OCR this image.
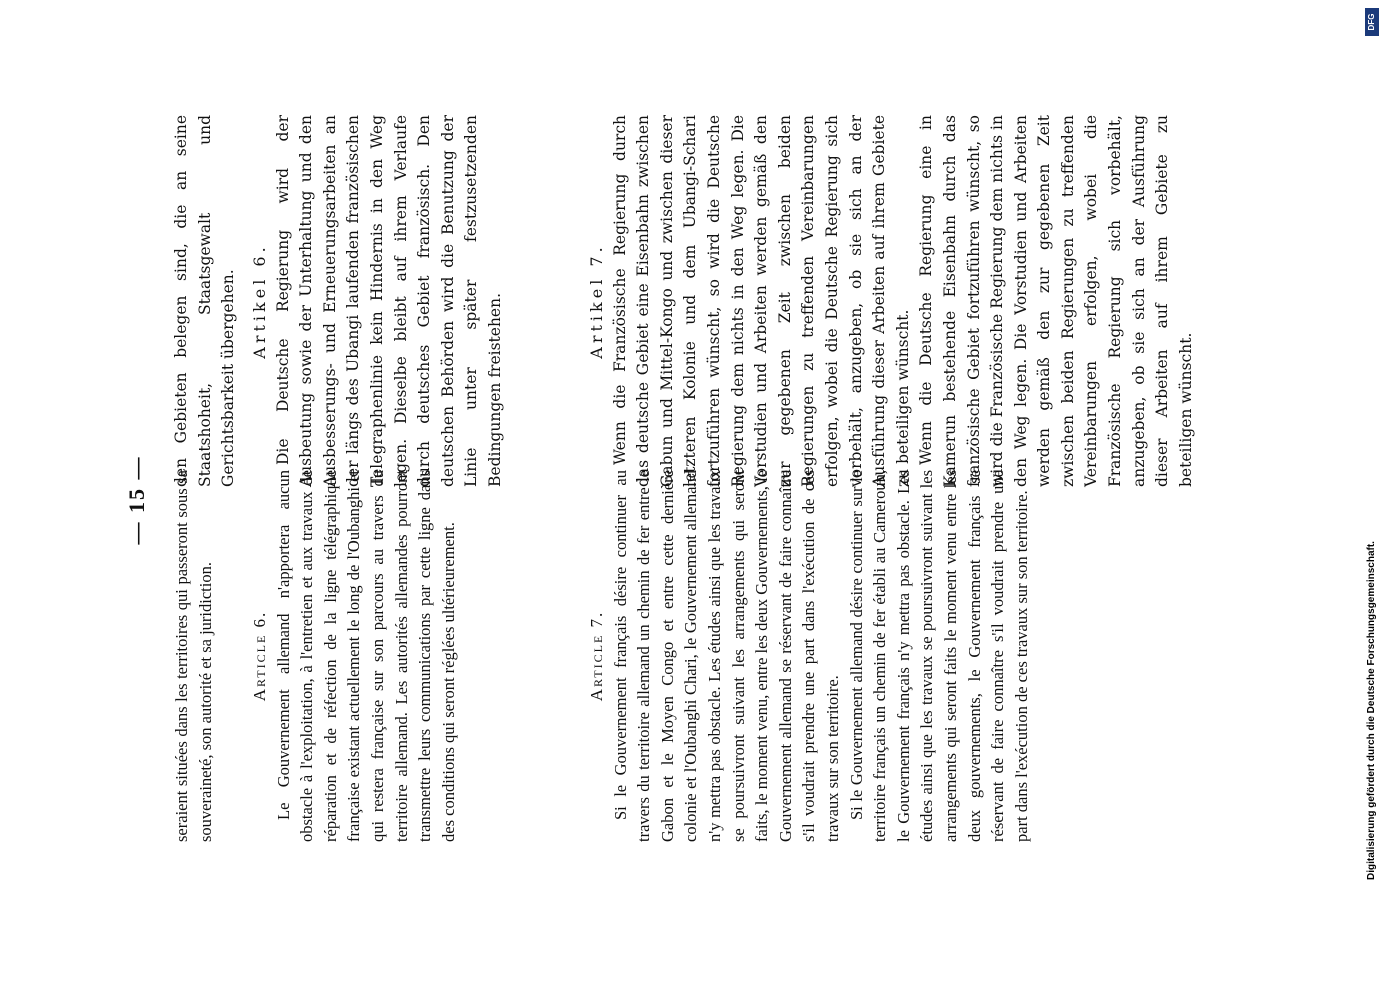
— 15 — seraient situées dans les territoires qui passeront sous sa souveraineté, son autorité et sa juridiction. Article 6. Le Gouvernement allemand n'apportera aucun obstacle à l'exploitation, à l'entretien et aux travaux de réparation et de réfection de la ligne télégraphique française existant actuellement le long de l'Oubanghi et qui restera française sur son parcours au travers du territoire allemand. Les autorités allemandes pourront transmettre leurs communications par cette ligne dans des conditions qui seront réglées ultérieurement.	Article 7. Si le Gouvernement français désire continuer au travers du territoire allemand un chemin de fer entre le Gabon et le Moyen Congo et entre cette dernière colonie et l'Oubanghi Chari, le Gouvernement allemand n'y mettra pas obstacle. Les études ainsi que les travaux se poursuivront suivant les arrangements qui seront faits, le moment venu, entre les deux Gouvernements, le Gouvernement allemand se réservant de faire connaître s'il voudrait prendre une part dans l'exécution de ces travaux sur son territoire. Si le Gouvernement allemand désire continuer sur le territoire français un chemin de fer établi au Cameroun, le Gouvernement français n'y mettra pas obstacle. Les études ainsi que les travaux se poursuivront suivant les arrangements qui seront faits le moment venu entre les deux gouvernements, le Gouvernement français se réservant de faire connaître s'il voudrait prendre une part dans l'exécution de ces travaux sur son territoire.

den Gebieten belegen sind, die an seine Staatshoheit, Staatsgewalt und Gerichtsbarkeit übergehen. Artikel 6. Die Deutsche Regierung wird der Ausbeutung sowie der Unterhaltung und den Ausbesserungs- und Erneuerungsarbeiten an der längs des Ubangi laufenden französischen Telegraphenlinie kein Hindernis in den Weg legen. Dieselbe bleibt auf ihrem Verlaufe durch deutsches Gebiet französisch. Den deutschen Behörden wird die Benutzung der Linie unter später festzusetzenden Bedingungen freistehen.	Artikel 7. Wenn die Französische Regierung durch das deutsche Gebiet eine Eisenbahn zwischen Gabun und Mittel-Kongo und zwischen dieser letzteren Kolonie und dem Ubangi-Schari fortzuführen wünscht, so wird die Deutsche Regierung dem nichts in den Weg legen. Die Vorstudien und Arbeiten werden gemäß den zur gegebenen Zeit zwischen beiden Regierungen zu treffenden Vereinbarungen erfolgen, wobei die Deutsche Regierung sich vorbehält, anzugeben, ob sie sich an der Ausführung dieser Arbeiten auf ihrem Gebiete zu beteiligen wünscht. Wenn die Deutsche Regierung eine in Kamerun bestehende Eisenbahn durch das französische Gebiet fortzuführen wünscht, so wird die Französische Regierung dem nichts in den Weg legen. Die Vorstudien und Arbeiten werden gemäß den zur gegebenen Zeit zwischen beiden Regierungen zu treffenden Vereinbarungen erfolgen, wobei die Französische Regierung sich vorbehält, anzugeben, ob sie sich an der Ausführung dieser Arbeiten auf ihrem Gebiete zu beteiligen wünscht.

DFG
Digitalisierung gefördert durch die Deutsche Forschungsgemeinschaft.
